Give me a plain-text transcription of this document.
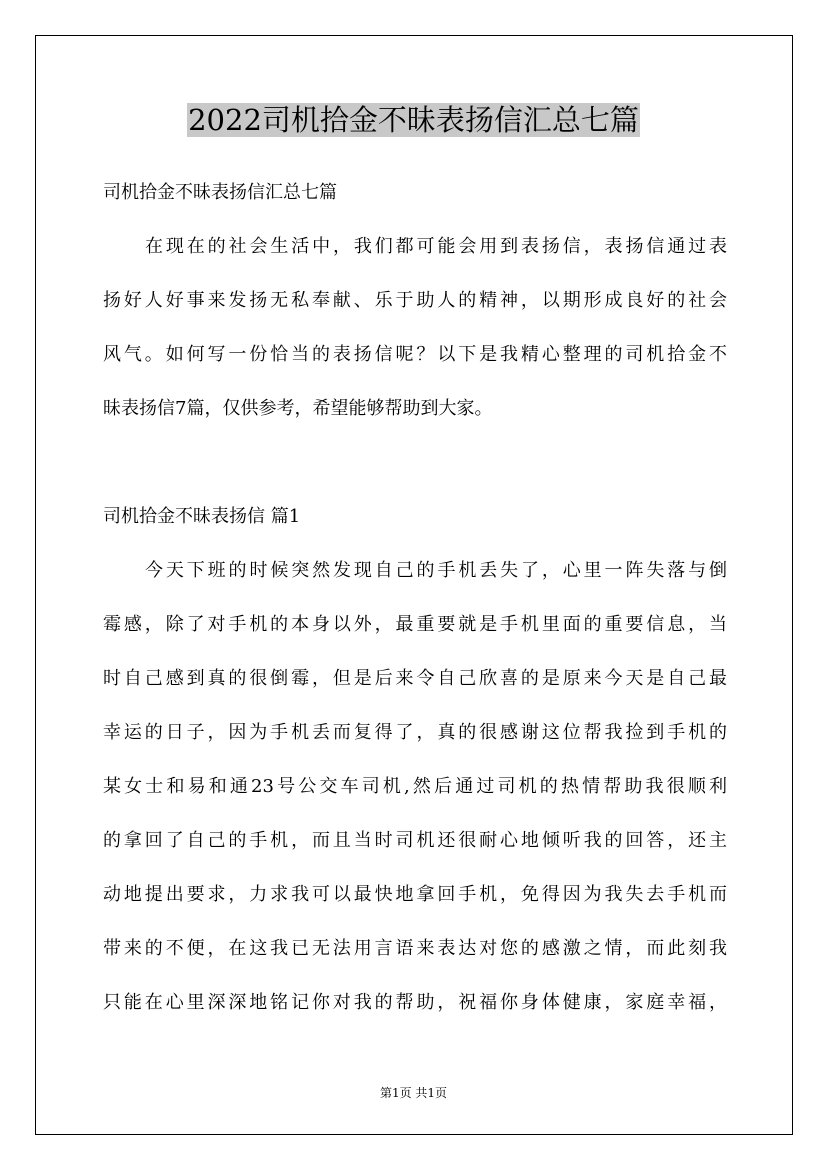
2022司机拾金不昧表扬信汇总七篇
司机拾金不昧表扬信汇总七篇
在现在的社会生活中，我们都可能会用到表扬信，表扬信通过表
扬好人好事来发扬无私奉献、乐于助人的精神，以期形成良好的社会
风气。如何写一份恰当的表扬信呢？以下是我精心整理的司机拾金不
昧表扬信7篇，仅供参考，希望能够帮助到大家。
司机拾金不昧表扬信 篇1
今天下班的时候突然发现自己的手机丢失了，心里一阵失落与倒
霉感，除了对手机的本身以外，最重要就是手机里面的重要信息，当
时自己感到真的很倒霉，但是后来令自己欣喜的是原来今天是自己最
幸运的日子，因为手机丢而复得了，真的很感谢这位帮我捡到手机的
某女士和易和通23号公交车司机,然后通过司机的热情帮助我很顺利
的拿回了自己的手机，而且当时司机还很耐心地倾听我的回答，还主
动地提出要求，力求我可以最快地拿回手机，免得因为我失去手机而
带来的不便，在这我已无法用言语来表达对您的感激之情，而此刻我
只能在心里深深地铭记你对我的帮助，祝福你身体健康，家庭幸福，
第1页 共1页
